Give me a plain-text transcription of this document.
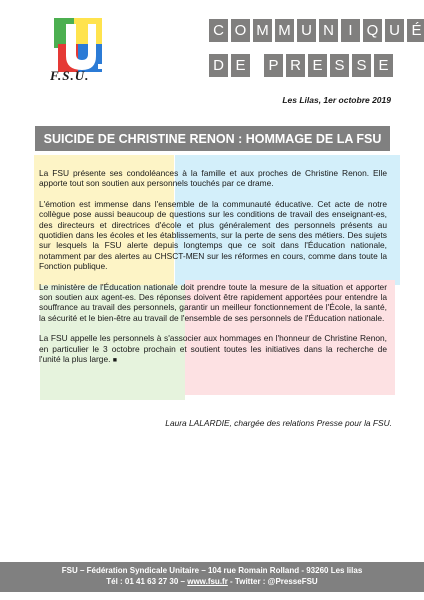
F.S.U.
C O M M U N I Q U É
D E	P R E S S E
Les Lilas, 1er octobre 2019
SUICIDE DE CHRISTINE RENON : HOMMAGE DE LA FSU

La FSU présente ses condoléances à la famille et aux proches de Christine Renon. Elle apporte tout son soutien aux personnels touchés par ce drame.

L'émotion est immense dans l'ensemble de la communauté éducative. Cet acte de notre collègue pose aussi beaucoup de questions sur les conditions de travail des enseignant-es, des directeurs et directrices d'école et plus généralement des personnels présents au quotidien dans les écoles et les établissements, sur la perte de sens des métiers. Des sujets sur lesquels la FSU alerte depuis longtemps que ce soit dans l'Éducation nationale, notamment par des alertes au CHSCT-MEN sur les réformes en cours, comme dans toute la Fonction publique.

Le ministère de l'Éducation nationale doit prendre toute la mesure de la situation et apporter son soutien aux agent-es. Des réponses doivent être rapidement apportées pour entendre la souffrance au travail des personnels, garantir un meilleur fonctionnement de l'École, la santé, la sécurité et le bien-être au travail de l'ensemble de ses personnels de l'Éducation nationale.

La FSU appelle les personnels à s'associer aux hommages en l'honneur de Christine Renon, en particulier le 3 octobre prochain et soutient toutes les initiatives dans la recherche de l'unité la plus large. ■

Laura LALARDIE, chargée des relations Presse pour la FSU.
FSU – Fédération Syndicale Unitaire – 104 rue Romain Rolland - 93260 Les lilas
Tél : 01 41 63 27 30 – www.fsu.fr - Twitter : @PresseFSU
